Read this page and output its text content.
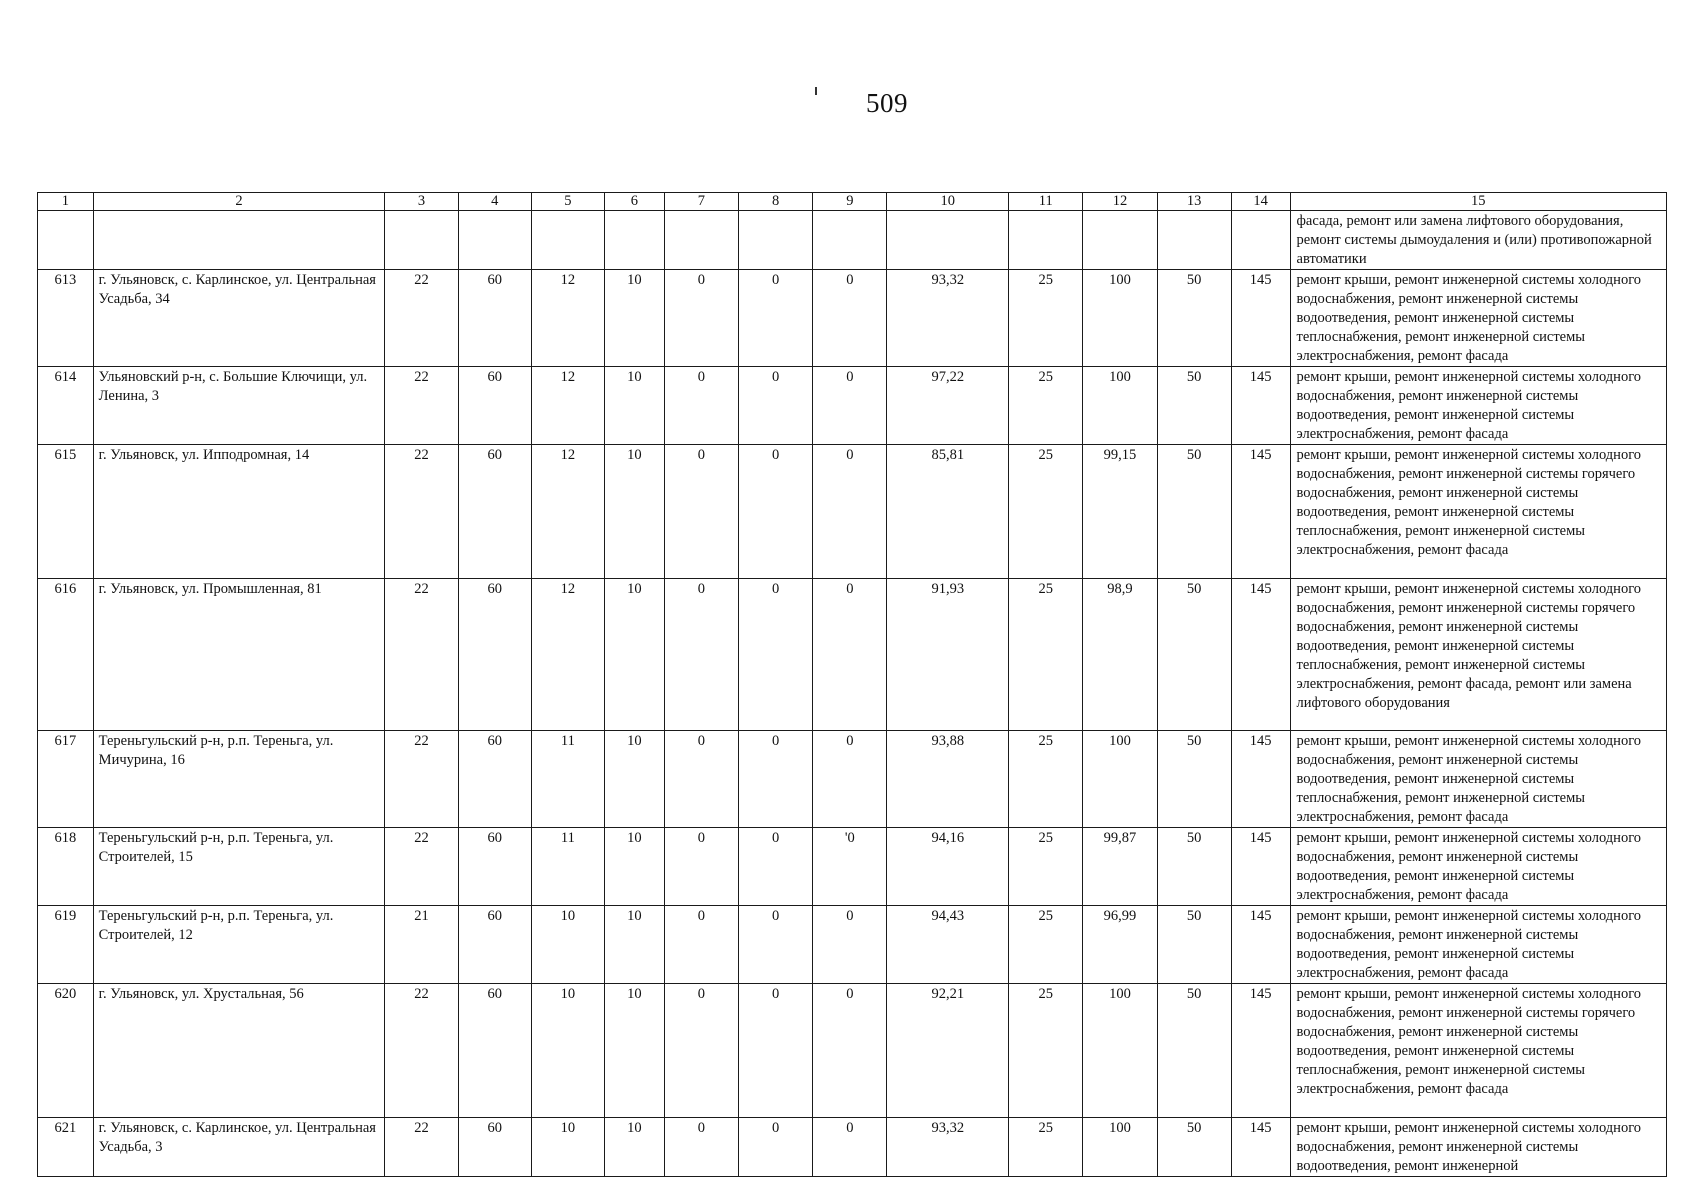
509
1	2	3	4	5	6	7	8	9	10	11	12	13	14	15
														фасада, ремонт или замена лифтового оборудования, ремонт системы дымоудаления и (или) противопожарной автоматики
613	г. Ульяновск, с. Карлинское, ул. Центральная Усадьба, 34	22	60	12	10	0	0	0	93,32	25	100	50	145	ремонт крыши, ремонт инженерной системы холодного водоснабжения, ремонт инженерной системы водоотведения, ремонт инженерной системы теплоснабжения, ремонт инженерной системы электроснабжения, ремонт фасада
614	Ульяновский р-н, с. Большие Ключищи, ул. Ленина, 3	22	60	12	10	0	0	0	97,22	25	100	50	145	ремонт крыши, ремонт инженерной системы холодного водоснабжения, ремонт инженерной системы водоотведения, ремонт инженерной системы электроснабжения, ремонт фасада
615	г. Ульяновск, ул. Ипподромная, 14	22	60	12	10	0	0	0	85,81	25	99,15	50	145	ремонт крыши, ремонт инженерной системы холодного водоснабжения, ремонт инженерной системы горячего водоснабжения, ремонт инженерной системы водоотведения, ремонт инженерной системы теплоснабжения, ремонт инженерной системы электроснабжения, ремонт фасада
616	г. Ульяновск, ул. Промышленная, 81	22	60	12	10	0	0	0	91,93	25	98,9	50	145	ремонт крыши, ремонт инженерной системы холодного водоснабжения, ремонт инженерной системы горячего водоснабжения, ремонт инженерной системы водоотведения, ремонт инженерной системы теплоснабжения, ремонт инженерной системы электроснабжения, ремонт фасада, ремонт или замена лифтового оборудования
617	Тереньгульский р-н, р.п. Тереньга, ул. Мичурина, 16	22	60	11	10	0	0	0	93,88	25	100	50	145	ремонт крыши, ремонт инженерной системы холодного водоснабжения, ремонт инженерной системы водоотведения, ремонт инженерной системы теплоснабжения, ремонт инженерной системы электроснабжения, ремонт фасада
618	Тереньгульский р-н, р.п. Тереньга, ул. Строителей, 15	22	60	11	10	0	0	'0	94,16	25	99,87	50	145	ремонт крыши, ремонт инженерной системы холодного водоснабжения, ремонт инженерной системы водоотведения, ремонт инженерной системы электроснабжения, ремонт фасада
619	Тереньгульский р-н, р.п. Тереньга, ул. Строителей, 12	21	60	10	10	0	0	0	94,43	25	96,99	50	145	ремонт крыши, ремонт инженерной системы холодного водоснабжения, ремонт инженерной системы водоотведения, ремонт инженерной системы электроснабжения, ремонт фасада
620	г. Ульяновск, ул. Хрустальная, 56	22	60	10	10	0	0	0	92,21	25	100	50	145	ремонт крыши, ремонт инженерной системы холодного водоснабжения, ремонт инженерной системы горячего водоснабжения, ремонт инженерной системы водоотведения, ремонт инженерной системы теплоснабжения, ремонт инженерной системы электроснабжения, ремонт фасада
621	г. Ульяновск, с. Карлинское, ул. Центральная Усадьба, 3	22	60	10	10	0	0	0	93,32	25	100	50	145	ремонт крыши, ремонт инженерной системы холодного водоснабжения, ремонт инженерной системы водоотведения, ремонт инженерной
